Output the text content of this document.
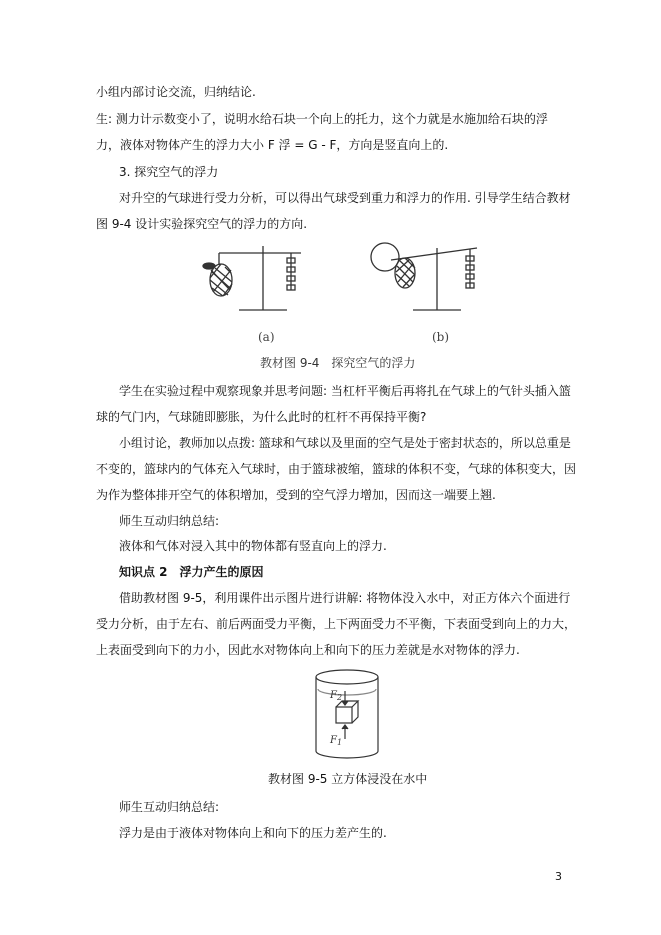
小组内部讨论交流，归纳结论.
生: 测力计示数变小了，说明水给石块一个向上的托力，这个力就是水施加给石块的浮
力，液体对物体产生的浮力大小 F 浮 = G - F，方向是竖直向上的.
3. 探究空气的浮力
对升空的气球进行受力分析，可以得出气球受到重力和浮力的作用. 引导学生结合教材
图 9-4 设计实验探究空气的浮力的方向.
(a)	(b)
教材图 9-4　探究空气的浮力
学生在实验过程中观察现象并思考问题: 当杠杆平衡后再将扎在气球上的气针头插入篮
球的气门内，气球随即膨胀，为什么此时的杠杆不再保持平衡?
小组讨论，教师加以点拨: 篮球和气球以及里面的空气是处于密封状态的，所以总重是
不变的，篮球内的气体充入气球时，由于篮球被缩，篮球的体积不变，气球的体积变大，因
为作为整体排开空气的体积增加，受到的空气浮力增加，因而这一端要上翘.
师生互动归纳总结:
液体和气体对浸入其中的物体都有竖直向上的浮力.
知识点 2　浮力产生的原因
借助教材图 9-5，利用课件出示图片进行讲解: 将物体没入水中，对正方体六个面进行
受力分析，由于左右、前后两面受力平衡，上下两面受力不平衡，下表面受到向上的力大，
上表面受到向下的力小，因此水对物体向上和向下的压力差就是水对物体的浮力.
$F_2$
$F_1$
教材图 9-5 立方体浸没在水中
师生互动归纳总结:
浮力是由于液体对物体向上和向下的压力差产生的.
3
